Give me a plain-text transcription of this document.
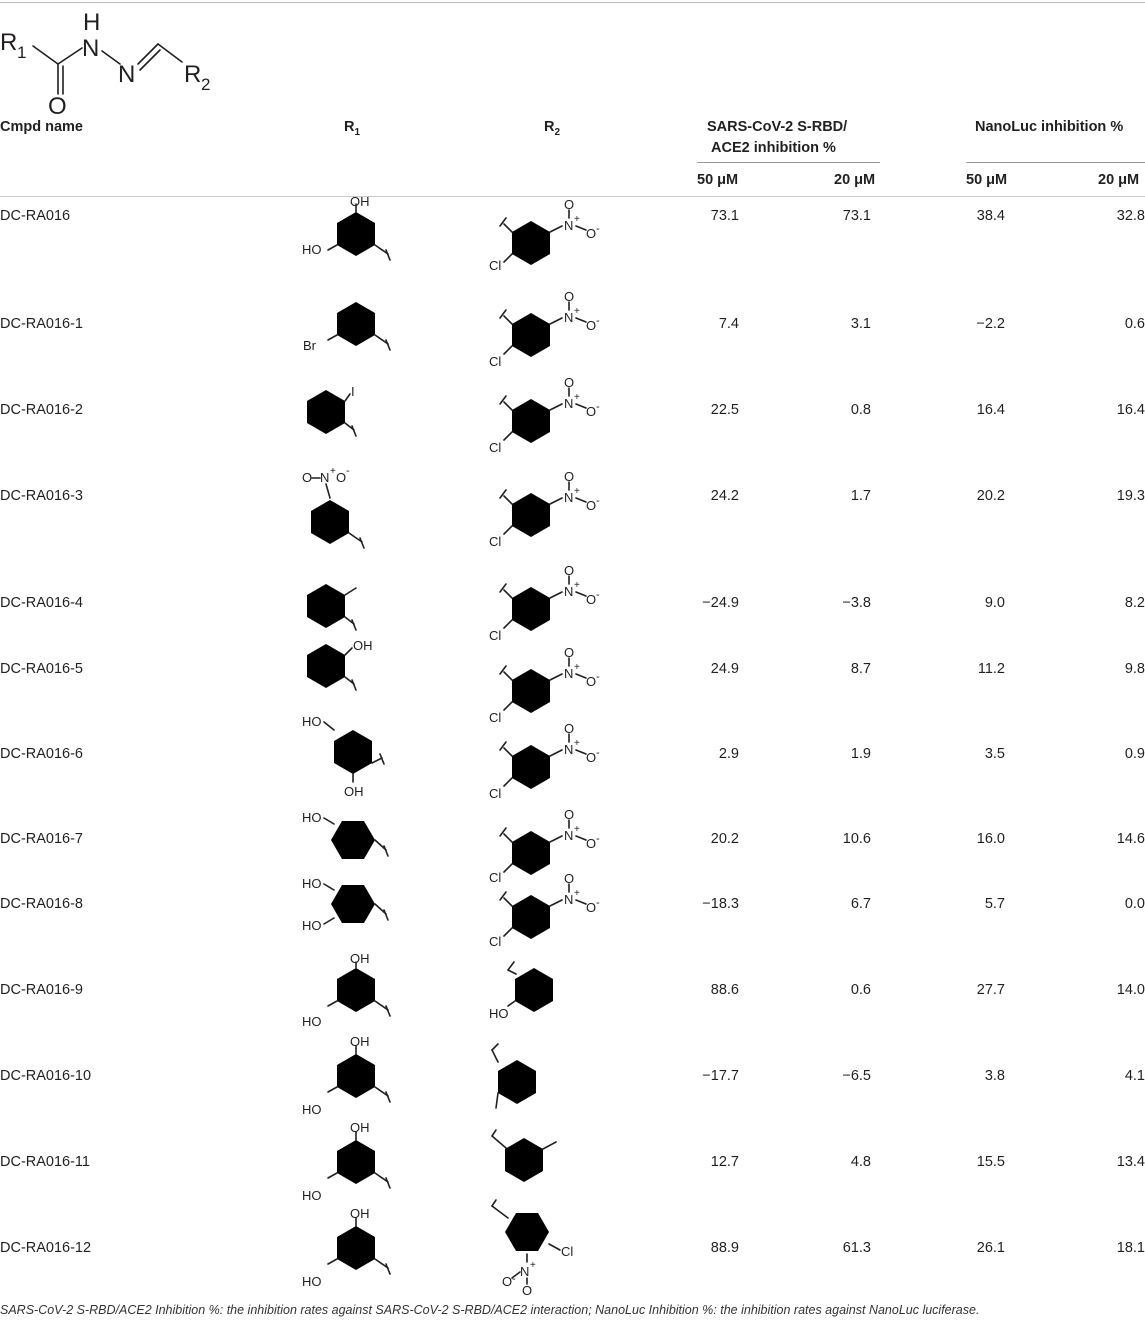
R 1
O
N
H
N R 2
Cmpd name	$R_1$	$R_2$	SARS-CoV-2 S-RBD/
ACE2 inhibition %
NanoLuc inhibition %
50 μM	20 μM	50 μM	20 μM
DC-RA016	73.1	73.1	38.4	32.8
OH
HO
Cl
N +
O
O -
DC-RA016-1	7.4	3.1	−2.2	0.6
Br
Cl
N +
O
O -
DC-RA016-2	22.5	0.8	16.4	16.4
I
Cl
N +
O
O -
DC-RA016-3	24.2	1.7	20.2	19.3
O N + O -
Cl
N +
O
O -
DC-RA016-4	−24.9	−3.8	9.0	8.2
Cl
N +
O
O -
DC-RA016-5	24.9	8.7	11.2	9.8
OH
Cl
N +
O
O -
DC-RA016-6	2.9	1.9	3.5	0.9
HO
OH	Cl
N +
O
O -
DC-RA016-7	20.2	10.6	16.0	14.6
HO
Cl
N +
O
O -
DC-RA016-8	−18.3	6.7	5.7	0.0
HO
HO
Cl
N +
O
O -
DC-RA016-9	88.6	0.6	27.7	14.0
OH
HO
HO
DC-RA016-10	−17.7	−6.5	3.8	4.1
OH
HO
DC-RA016-11	12.7	4.8	15.5	13.4
OH
HO
DC-RA016-12	88.9	61.3	26.1	18.1
OH
HO
Cl
N +
O -
O
SARS-CoV-2 S-RBD/ACE2 Inhibition %: the inhibition rates against SARS-CoV-2 S-RBD/ACE2 interaction; NanoLuc Inhibition %: the inhibition rates against NanoLuc luciferase.
